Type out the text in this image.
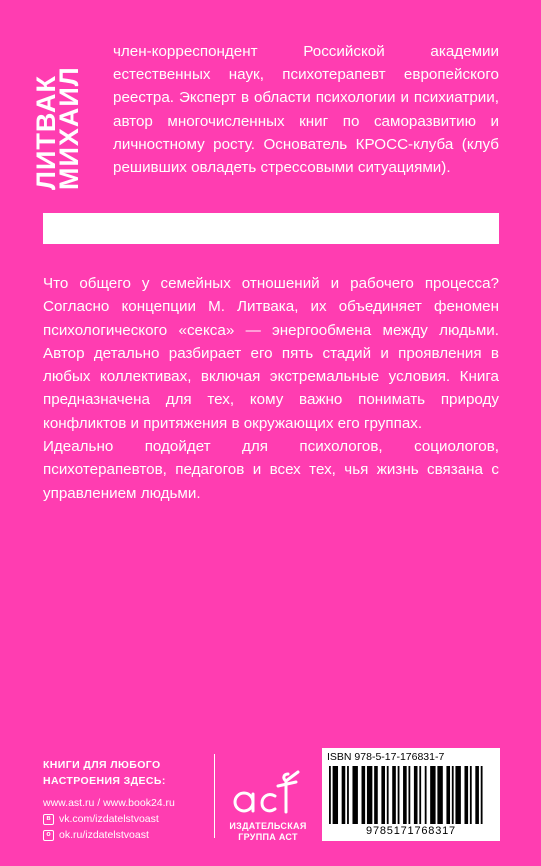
ЛИТВАК
МИХАИЛ
член-корреспондент Российской академии естественных наук, психотерапевт европейского реестра. Эксперт в области психологии и психиатрии, автор многочисленных книг по саморазвитию и личностному росту. Основатель КРОСС-клуба (клуб решивших овладеть стрессовыми ситуациями).

Что общего у семейных отношений и рабочего процесса? Согласно концепции М. Литвака, их объединяет феномен психологического «секса» — энергообмена между людьми. Автор детально разбирает его пять стадий и проявления в любых коллективах, включая экстремальные условия. Книга предназначена для тех, кому важно понимать природу конфликтов и притяжения в окружающих его группах.

Идеально подойдет для психологов, социологов, психотерапевтов, педагогов и всех тех, чья жизнь связана с управлением людьми.

КНИГИ ДЛЯ ЛЮБОГО
НАСТРОЕНИЯ ЗДЕСЬ:
www.ast.ru / www.book24.ru
в vk.com/izdatelstvoast
о ok.ru/izdatelstvoast
ИЗДАТЕЛЬСКАЯ
ГРУППА АСТ
ISBN 978-5-17-176831-7
9785171768317
